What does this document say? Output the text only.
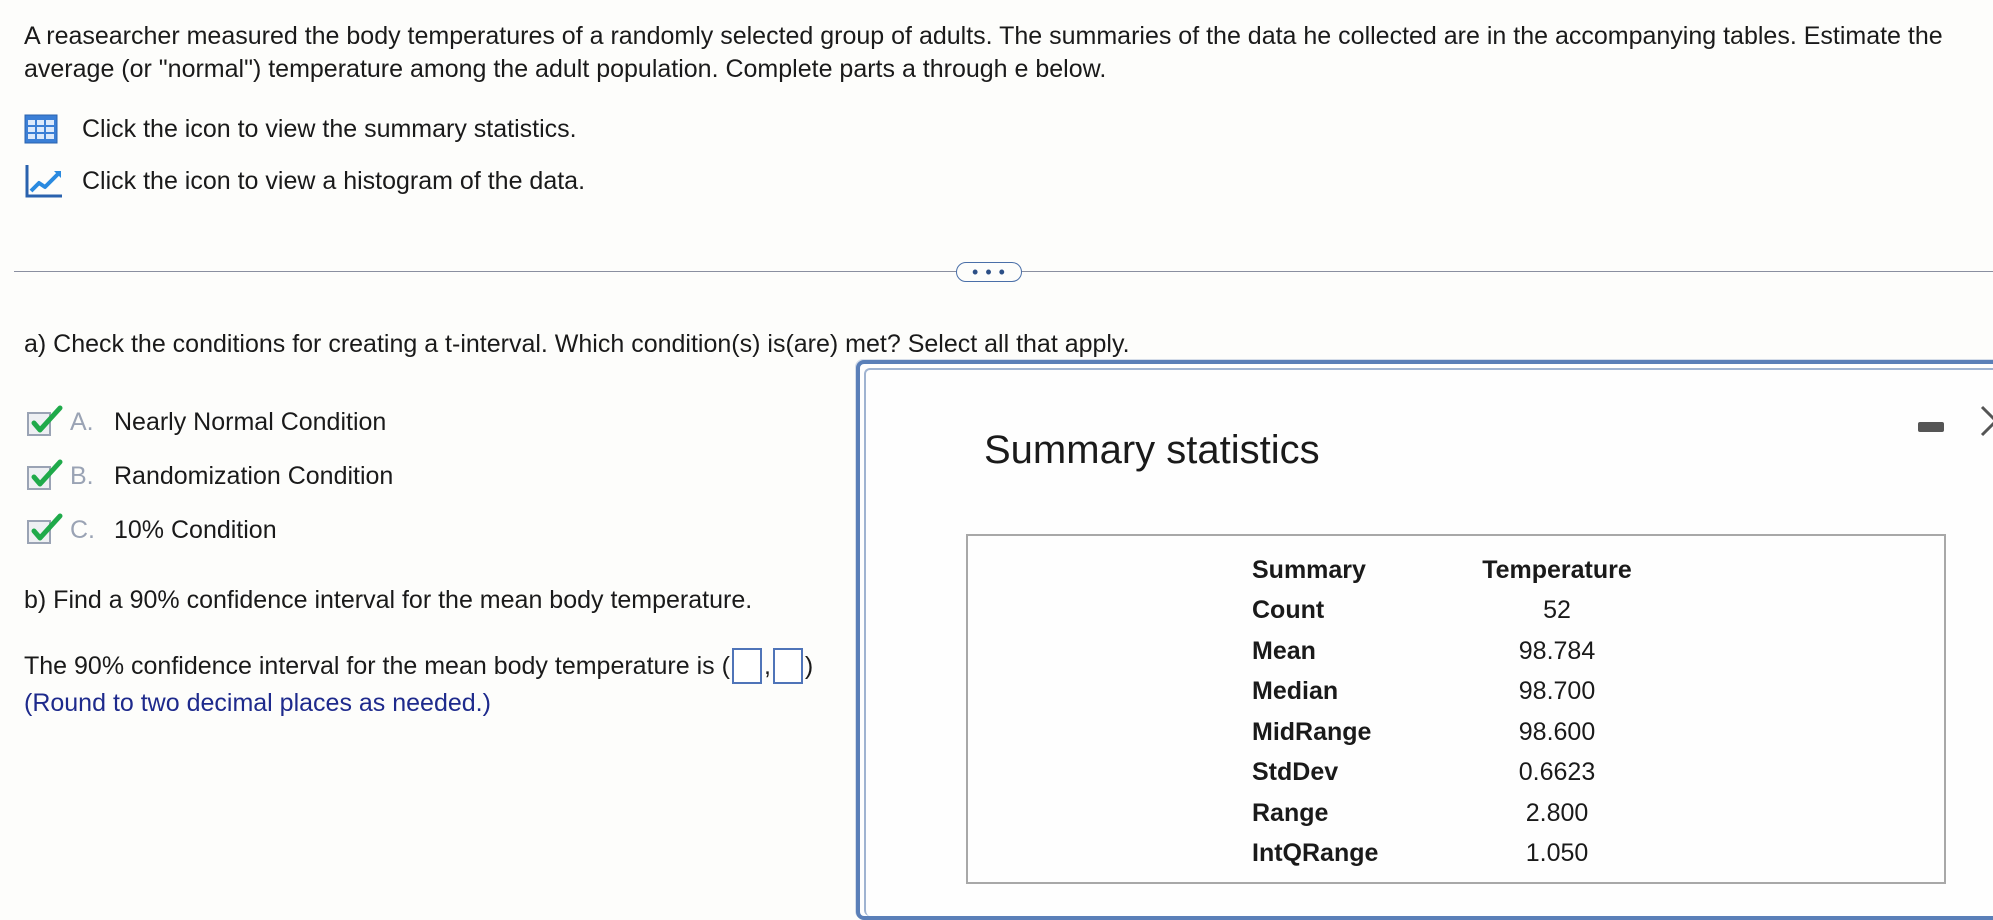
A reasearcher measured the body temperatures of a randomly selected group of adults. The summaries of the data he collected are in the accompanying tables. Estimate the average (or "normal") temperature among the adult population. Complete parts a through e below.
Click the icon to view the summary statistics.
Click the icon to view a histogram of the data.
• • •
a) Check the conditions for creating a t-interval. Which condition(s) is(are) met? Select all that apply.
A. Nearly Normal Condition
B. Randomization Condition
C. 10% Condition
b) Find a 90% confidence interval for the mean body temperature.
The 90% confidence interval for the mean body temperature is ( , )
(Round to two decimal places as needed.)
Summary statistics
Summary	Temperature
Count	52
Mean	98.784
Median	98.700
MidRange	98.600
StdDev	0.6623
Range	2.800
IntQRange	1.050
